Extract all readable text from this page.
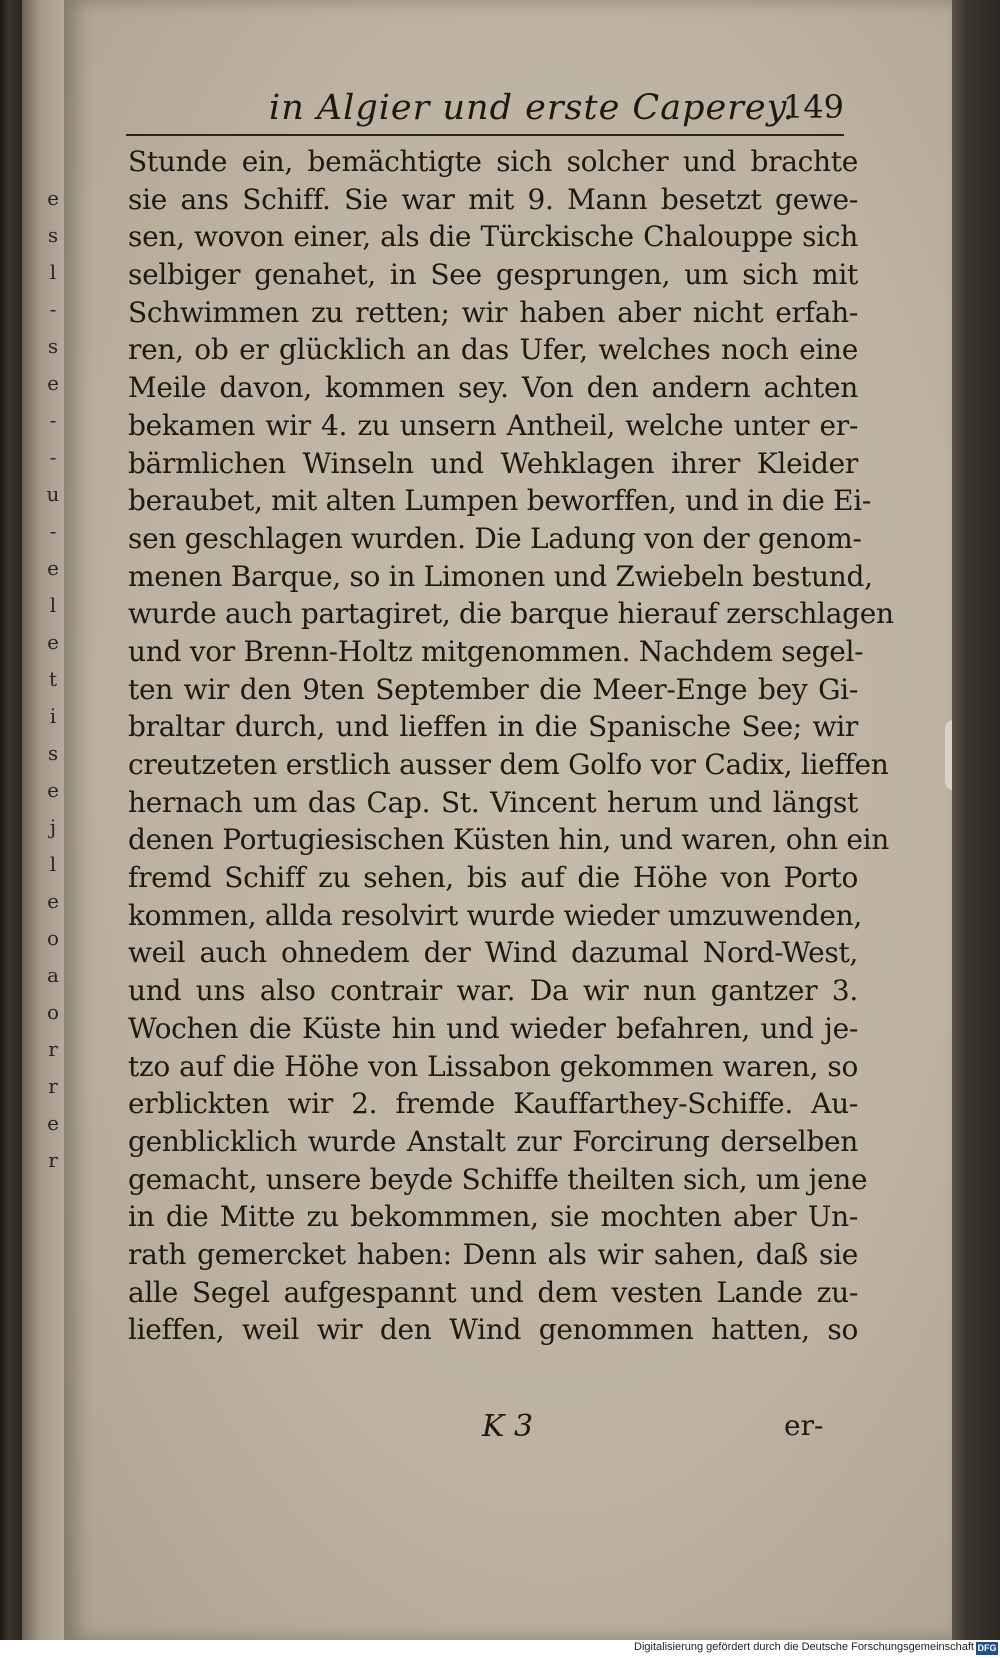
e
s
l
-
s
e
-
-
u
-
e
l
e
t
i
s
e
j
l
e
o
a
o
r
r
e
r
in Algier und erste Caperey.
149
Stunde ein, bemächtigte sich solcher und brachte
sie ans Schiff. Sie war mit 9. Mann besetzt gewe-
sen, wovon einer, als die Türckische Chalouppe sich
selbiger genahet, in See gesprungen, um sich mit
Schwimmen zu retten; wir haben aber nicht erfah-
ren, ob er glücklich an das Ufer, welches noch eine
Meile davon, kommen sey. Von den andern achten
bekamen wir 4. zu unsern Antheil, welche unter er-
bärmlichen Winseln und Wehklagen ihrer Kleider
beraubet, mit alten Lumpen beworffen, und in die Ei-
sen geschlagen wurden. Die Ladung von der genom-
menen Barque, so in Limonen und Zwiebeln bestund,
wurde auch partagiret, die barque hierauf zerschlagen
und vor Brenn-Holtz mitgenommen. Nachdem segel-
ten wir den 9ten September die Meer-Enge bey Gi-
braltar durch, und lieffen in die Spanische See; wir
creutzeten erstlich ausser dem Golfo vor Cadix, lieffen
hernach um das Cap. St. Vincent herum und längst
denen Portugiesischen Küsten hin, und waren, ohn ein
fremd Schiff zu sehen, bis auf die Höhe von Porto
kommen, allda resolvirt wurde wieder umzuwenden,
weil auch ohnedem der Wind dazumal Nord-West,
und uns also contrair war. Da wir nun gantzer 3.
Wochen die Küste hin und wieder befahren, und je-
tzo auf die Höhe von Lissabon gekommen waren, so
erblickten wir 2. fremde Kauffarthey-Schiffe. Au-
genblicklich wurde Anstalt zur Forcirung derselben
gemacht, unsere beyde Schiffe theilten sich, um jene
in die Mitte zu bekommmen, sie mochten aber Un-
rath gemercket haben: Denn als wir sahen, daß sie
alle Segel aufgespannt und dem vesten Lande zu-
lieffen, weil wir den Wind genommen hatten, so
K 3	er-
Digitalisierung gefördert durch die Deutsche Forschungsgemeinschaft DFG
